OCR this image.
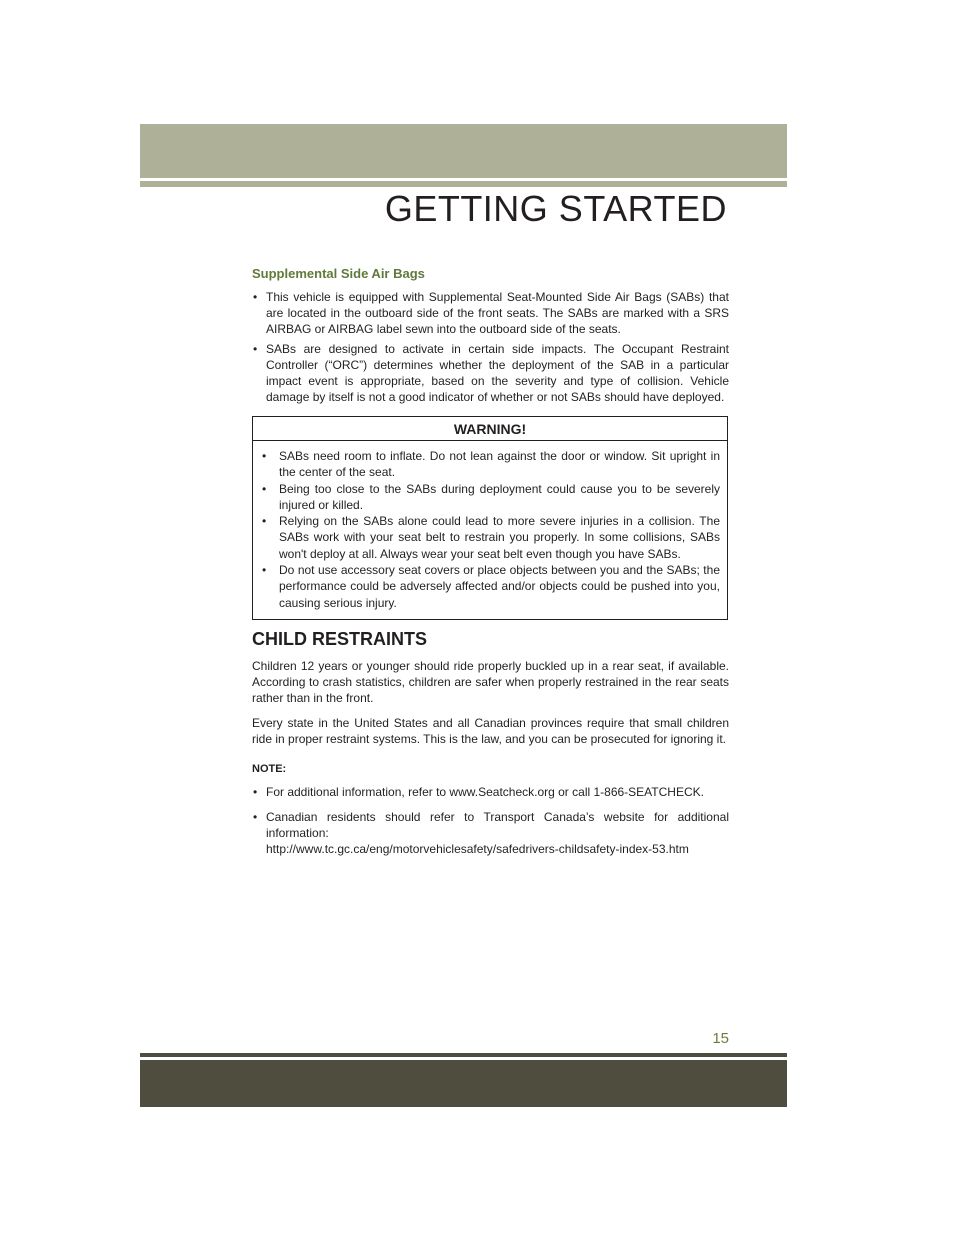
GETTING STARTED
Supplemental Side Air Bags
• This vehicle is equipped with Supplemental Seat-Mounted Side Air Bags (SABs) that are located in the outboard side of the front seats. The SABs are marked with a SRS AIRBAG or AIRBAG label sewn into the outboard side of the seats.
• SABs are designed to activate in certain side impacts. The Occupant Restraint Controller (“ORC”) determines whether the deployment of the SAB in a particular impact event is appropriate, based on the severity and type of collision. Vehicle damage by itself is not a good indicator of whether or not SABs should have deployed.
WARNING!
• SABs need room to inflate. Do not lean against the door or window. Sit upright in the center of the seat.
• Being too close to the SABs during deployment could cause you to be severely injured or killed.
• Relying on the SABs alone could lead to more severe injuries in a collision. The SABs work with your seat belt to restrain you properly. In some collisions, SABs won't deploy at all. Always wear your seat belt even though you have SABs.
• Do not use accessory seat covers or place objects between you and the SABs; the performance could be adversely affected and/or objects could be pushed into you, causing serious injury.
CHILD RESTRAINTS

Children 12 years or younger should ride properly buckled up in a rear seat, if available. According to crash statistics, children are safer when properly restrained in the rear seats rather than in the front.

Every state in the United States and all Canadian provinces require that small children ride in proper restraint systems. This is the law, and you can be prosecuted for ignoring it.

NOTE:
• For additional information, refer to www.Seatcheck.org or call 1-866-SEATCHECK.
• Canadian residents should refer to Transport Canada’s website for additional information:
http://www.tc.gc.ca/eng/motorvehiclesafety/safedrivers-childsafety-index-53.htm
15
